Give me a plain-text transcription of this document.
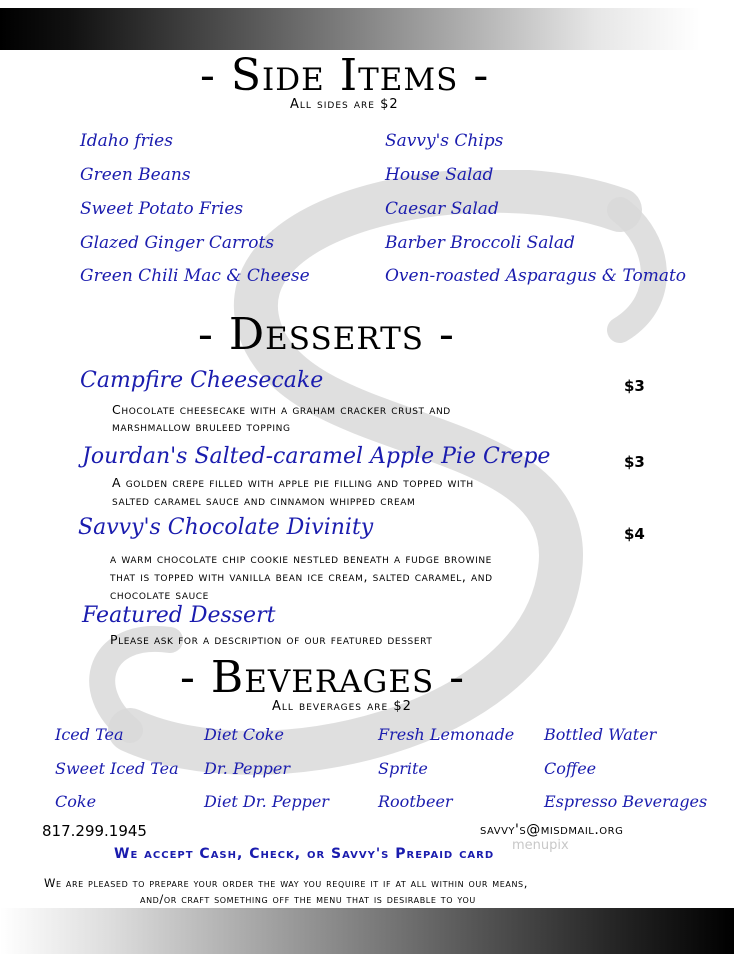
- Side Items -
All sides are $2
Idaho fries
Green Beans
Sweet Potato Fries
Glazed Ginger Carrots
Green Chili Mac & Cheese
Savvy's Chips
House Salad
Caesar Salad
Barber Broccoli Salad
Oven-roasted Asparagus & Tomato
- Desserts -
Campfire Cheesecake	$3
Chocolate cheesecake with a graham cracker crust and
marshmallow bruleed topping
Jourdan's Salted-caramel Apple Pie Crepe	$3
A golden crepe filled with apple pie filling and topped with
salted caramel sauce and cinnamon whipped cream
Savvy's Chocolate Divinity	$4
a warm chocolate chip cookie nestled beneath a fudge browine
that is topped with vanilla bean ice cream, salted caramel, and
chocolate sauce
Featured Dessert
Please ask for a description of our featured dessert
- Beverages -
All beverages are $2
Iced Tea
Sweet Iced Tea
Coke
Diet Coke
Dr. Pepper
Diet Dr. Pepper
Fresh Lemonade
Sprite
Rootbeer
Bottled Water
Coffee
Espresso Beverages
817.299.1945	savvy's@misdmail.org
menupix
We accept Cash, Check, or Savvy's Prepaid card
We are pleased to prepare your order the way you require it if at all within our means,
and/or craft something off the menu that is desirable to you
